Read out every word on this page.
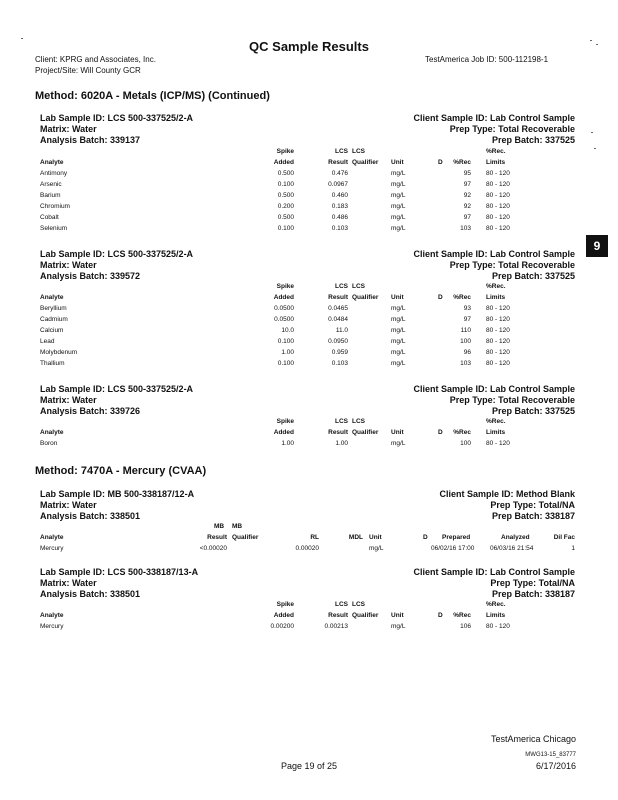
QC Sample Results
Client: KPRG and Associates, Inc.
Project/Site: Will County GCR
TestAmerica Job ID: 500-112198-1
9
Method: 6020A - Metals (ICP/MS) (Continued)
Lab Sample ID: LCS 500-337525/2-A
Matrix: Water
Analysis Batch: 339137
Client Sample ID: Lab Control Sample
Prep Type: Total Recoverable
Prep Batch: 337525
Spike	LCS LCS	%Rec.
Analyte	Added	Result Qualifier Unit	D %Rec Limits
Antimony	0.500	0.476	mg/L	95 80 - 120
Arsenic	0.100	0.0967	mg/L	97 80 - 120
Barium	0.500	0.460	mg/L	92 80 - 120
Chromium	0.200	0.183	mg/L	92 80 - 120
Cobalt	0.500	0.486	mg/L	97 80 - 120
Selenium	0.100	0.103	mg/L	103 80 - 120
Lab Sample ID: LCS 500-337525/2-A
Matrix: Water
Analysis Batch: 339572
Client Sample ID: Lab Control Sample
Prep Type: Total Recoverable
Prep Batch: 337525
Spike	LCS LCS	%Rec.
Analyte	Added	Result Qualifier Unit	D %Rec Limits
Beryllium	0.0500	0.0465	mg/L	93 80 - 120
Cadmium	0.0500	0.0484	mg/L	97 80 - 120
Calcium	10.0	11.0	mg/L	110 80 - 120
Lead	0.100	0.0950	mg/L	100 80 - 120
Molybdenum	1.00	0.959	mg/L	96 80 - 120
Thallium	0.100	0.103	mg/L	103 80 - 120
Lab Sample ID: LCS 500-337525/2-A
Matrix: Water
Analysis Batch: 339726
Client Sample ID: Lab Control Sample
Prep Type: Total Recoverable
Prep Batch: 337525
Spike	LCS LCS	%Rec.
Analyte	Added	Result Qualifier Unit	D %Rec Limits
Boron	1.00	1.00	mg/L	100 80 - 120
Method: 7470A - Mercury (CVAA)
Lab Sample ID: MB 500-338187/12-A
Matrix: Water
Analysis Batch: 338501
Client Sample ID: Method Blank
Prep Type: Total/NA
Prep Batch: 338187
MB MB
Analyte	Result Qualifier	RL	MDL Unit	D Prepared	Analyzed	Dil Fac
Mercury	<0.00020	0.00020	mg/L	06/02/16 17:00 06/03/16 21:54	1
Lab Sample ID: LCS 500-338187/13-A
Matrix: Water
Analysis Batch: 338501
Client Sample ID: Lab Control Sample
Prep Type: Total/NA
Prep Batch: 338187
Spike	LCS LCS	%Rec.
Analyte	Added	Result Qualifier Unit	D %Rec Limits
Mercury	0.00200	0.00213	mg/L	106 80 - 120
TestAmerica Chicago
Page 19 of 25
MWG13-15_83777
6/17/2016
